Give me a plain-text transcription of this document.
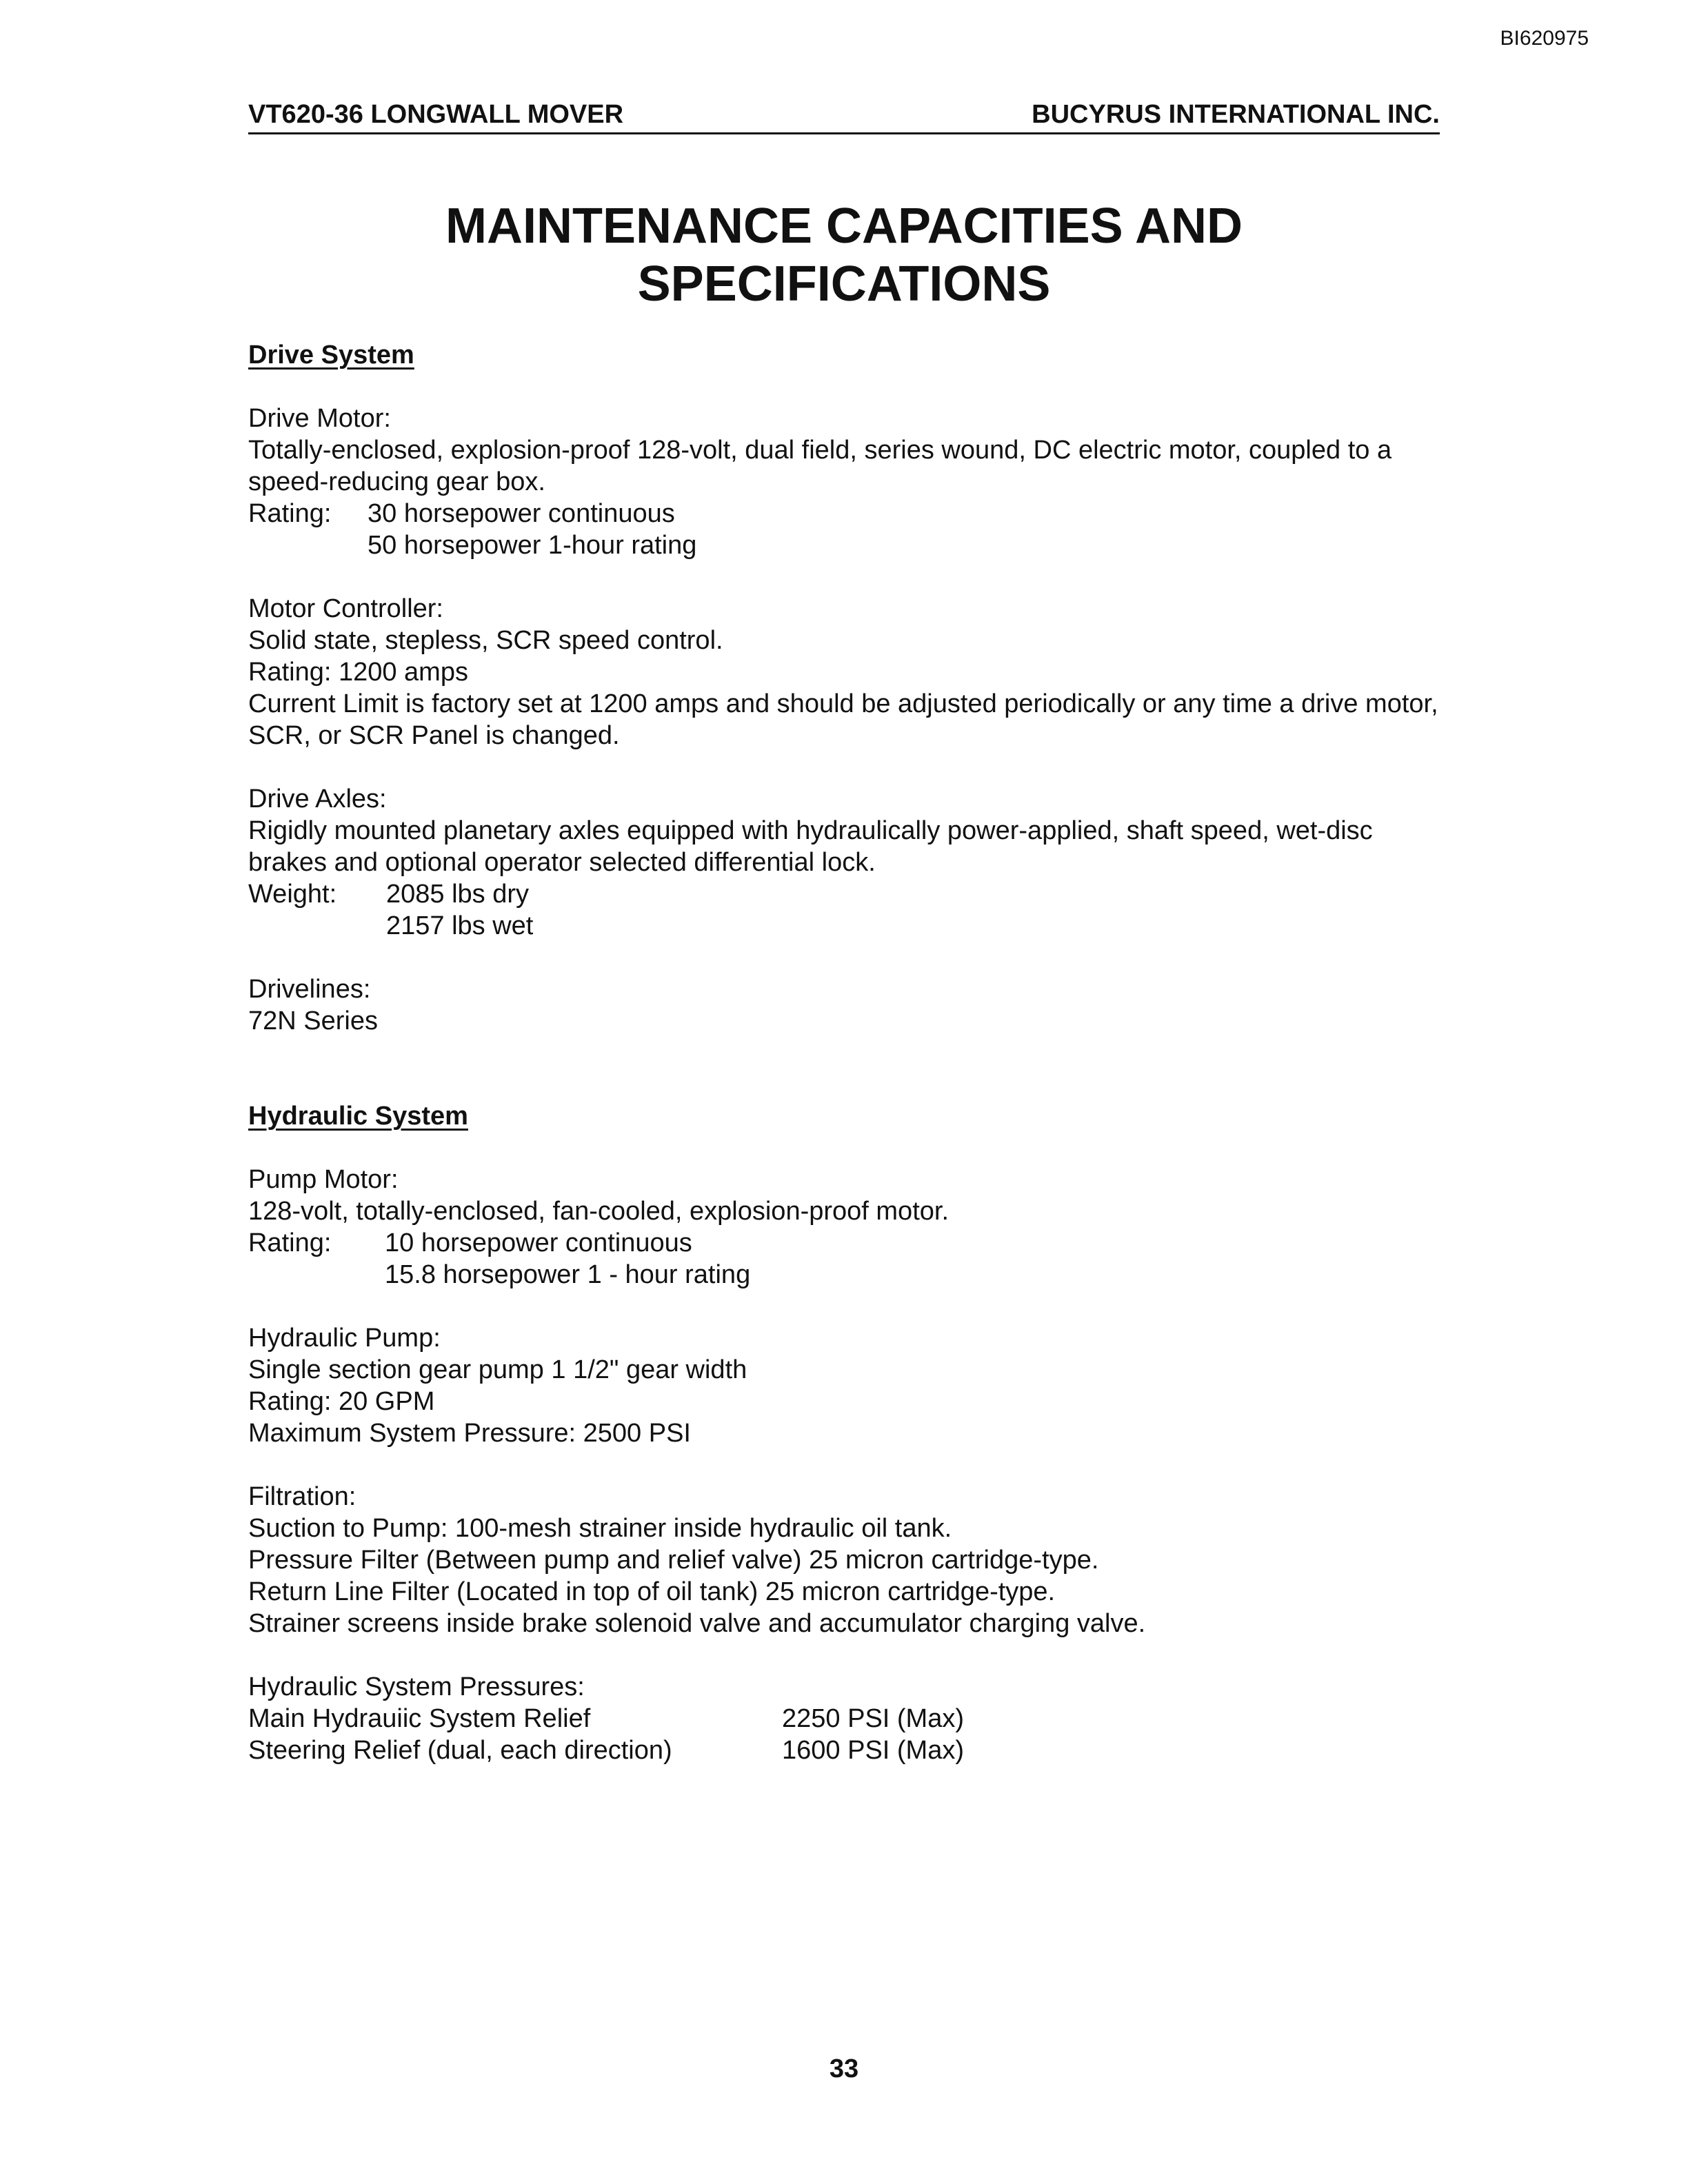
BI620975
VT620-36 LONGWALL MOVER	BUCYRUS INTERNATIONAL INC.
MAINTENANCE CAPACITIES AND
SPECIFICATIONS
Drive System
Drive Motor:
Totally-enclosed, explosion-proof 128-volt, dual field, series wound, DC electric motor, coupled to a speed-reducing gear box.
Rating:	30 horsepower continuous
50 horsepower 1-hour rating
Motor Controller:
Solid state, stepless, SCR speed control.
Rating: 1200 amps
Current Limit is factory set at 1200 amps and should be adjusted periodically or any time a drive motor, SCR, or SCR Panel is changed.
Drive Axles:
Rigidly mounted planetary axles equipped with hydraulically power-applied, shaft speed, wet-disc brakes and optional operator selected differential lock.
Weight:	2085 lbs dry
2157 lbs wet
Drivelines:
72N Series
Hydraulic System
Pump Motor:
128-volt, totally-enclosed, fan-cooled, explosion-proof motor.
Rating:	10 horsepower continuous
15.8 horsepower 1 - hour rating
Hydraulic Pump:
Single section gear pump 1 1/2" gear width
Rating: 20 GPM
Maximum System Pressure: 2500 PSI
Filtration:
Suction to Pump: 100-mesh strainer inside hydraulic oil tank.
Pressure Filter (Between pump and relief valve) 25 micron cartridge-type.
Return Line Filter (Located in top of oil tank) 25 micron cartridge-type.
Strainer screens inside brake solenoid valve and accumulator charging valve.
Hydraulic System Pressures:
Main Hydrauiic System Relief	2250 PSI (Max)
Steering Relief (dual, each direction)	1600 PSI (Max)
33
